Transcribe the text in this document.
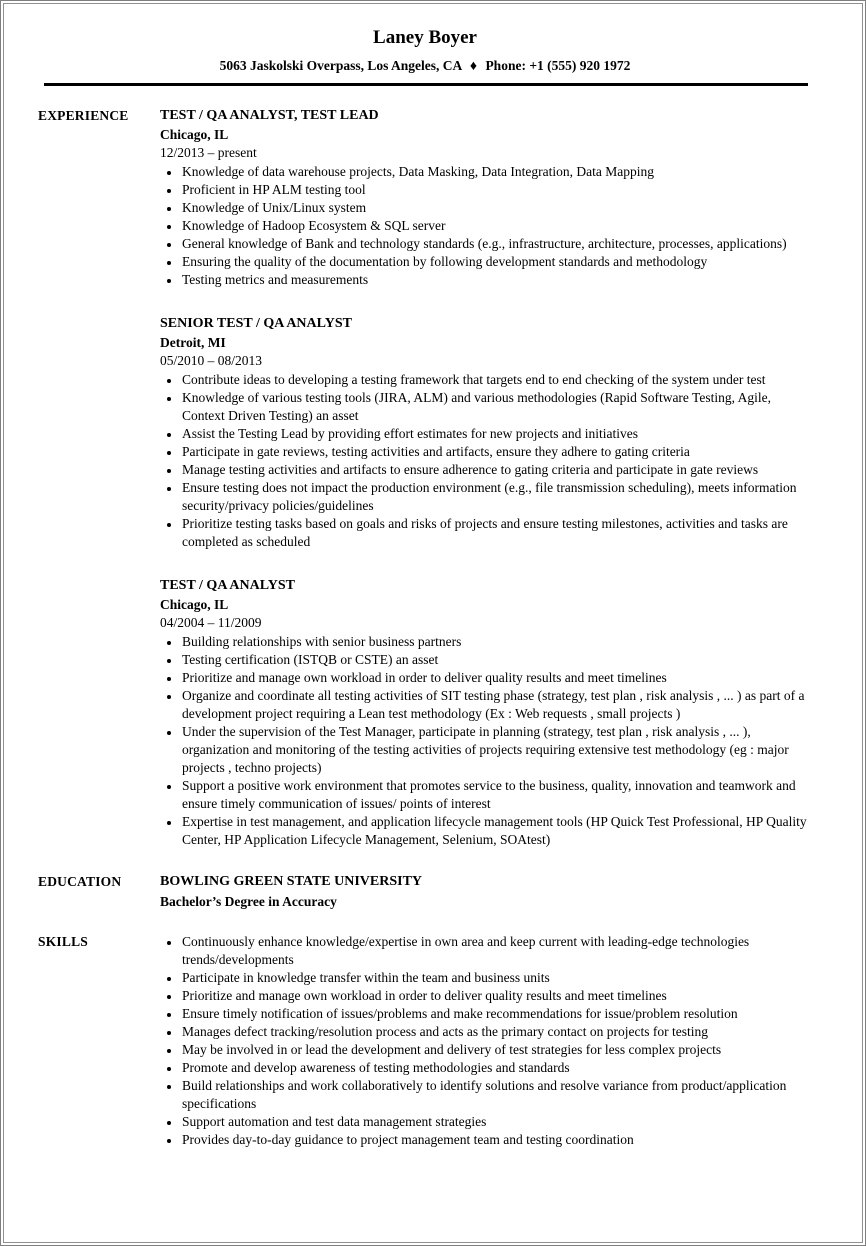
Laney Boyer

5063 Jaskolski Overpass, Los Angeles, CA ♦ Phone: +1 (555) 920 1972

EXPERIENCE	TEST / QA ANALYST, TEST LEAD
Chicago, IL
12/2013 – present
• Knowledge of data warehouse projects, Data Masking, Data Integration, Data Mapping
• Proficient in HP ALM testing tool
• Knowledge of Unix/Linux system
• Knowledge of Hadoop Ecosystem & SQL server
• General knowledge of Bank and technology standards (e.g., infrastructure, architecture, processes, applications)
• Ensuring the quality of the documentation by following development standards and methodology
• Testing metrics and measurements
SENIOR TEST / QA ANALYST
Detroit, MI
05/2010 – 08/2013
• Contribute ideas to developing a testing framework that targets end to end checking of the system under test
• Knowledge of various testing tools (JIRA, ALM) and various methodologies (Rapid Software Testing, Agile, Context Driven Testing) an asset
• Assist the Testing Lead by providing effort estimates for new projects and initiatives
• Participate in gate reviews, testing activities and artifacts, ensure they adhere to gating criteria
• Manage testing activities and artifacts to ensure adherence to gating criteria and participate in gate reviews
• Ensure testing does not impact the production environment (e.g., file transmission scheduling), meets information security/privacy policies/guidelines
• Prioritize testing tasks based on goals and risks of projects and ensure testing milestones, activities and tasks are completed as scheduled
TEST / QA ANALYST
Chicago, IL
04/2004 – 11/2009
• Building relationships with senior business partners
• Testing certification (ISTQB or CSTE) an asset
• Prioritize and manage own workload in order to deliver quality results and meet timelines
• Organize and coordinate all testing activities of SIT testing phase (strategy, test plan , risk analysis , ... ) as part of a development project requiring a Lean test methodology (Ex : Web requests , small projects )
• Under the supervision of the Test Manager, participate in planning (strategy, test plan , risk analysis , ... ), organization and monitoring of the testing activities of projects requiring extensive test methodology (eg : major projects , techno projects)
• Support a positive work environment that promotes service to the business, quality, innovation and teamwork and ensure timely communication of issues/ points of interest
• Expertise in test management, and application lifecycle management tools (HP Quick Test Professional, HP Quality Center, HP Application Lifecycle Management, Selenium, SOAtest)
EDUCATION	BOWLING GREEN STATE UNIVERSITY
Bachelor’s Degree in Accuracy
SKILLS	• Continuously enhance knowledge/expertise in own area and keep current with leading-edge technologies trends/developments
• Participate in knowledge transfer within the team and business units
• Prioritize and manage own workload in order to deliver quality results and meet timelines
• Ensure timely notification of issues/problems and make recommendations for issue/problem resolution
• Manages defect tracking/resolution process and acts as the primary contact on projects for testing
• May be involved in or lead the development and delivery of test strategies for less complex projects
• Promote and develop awareness of testing methodologies and standards
• Build relationships and work collaboratively to identify solutions and resolve variance from product/application specifications
• Support automation and test data management strategies
• Provides day-to-day guidance to project management team and testing coordination
